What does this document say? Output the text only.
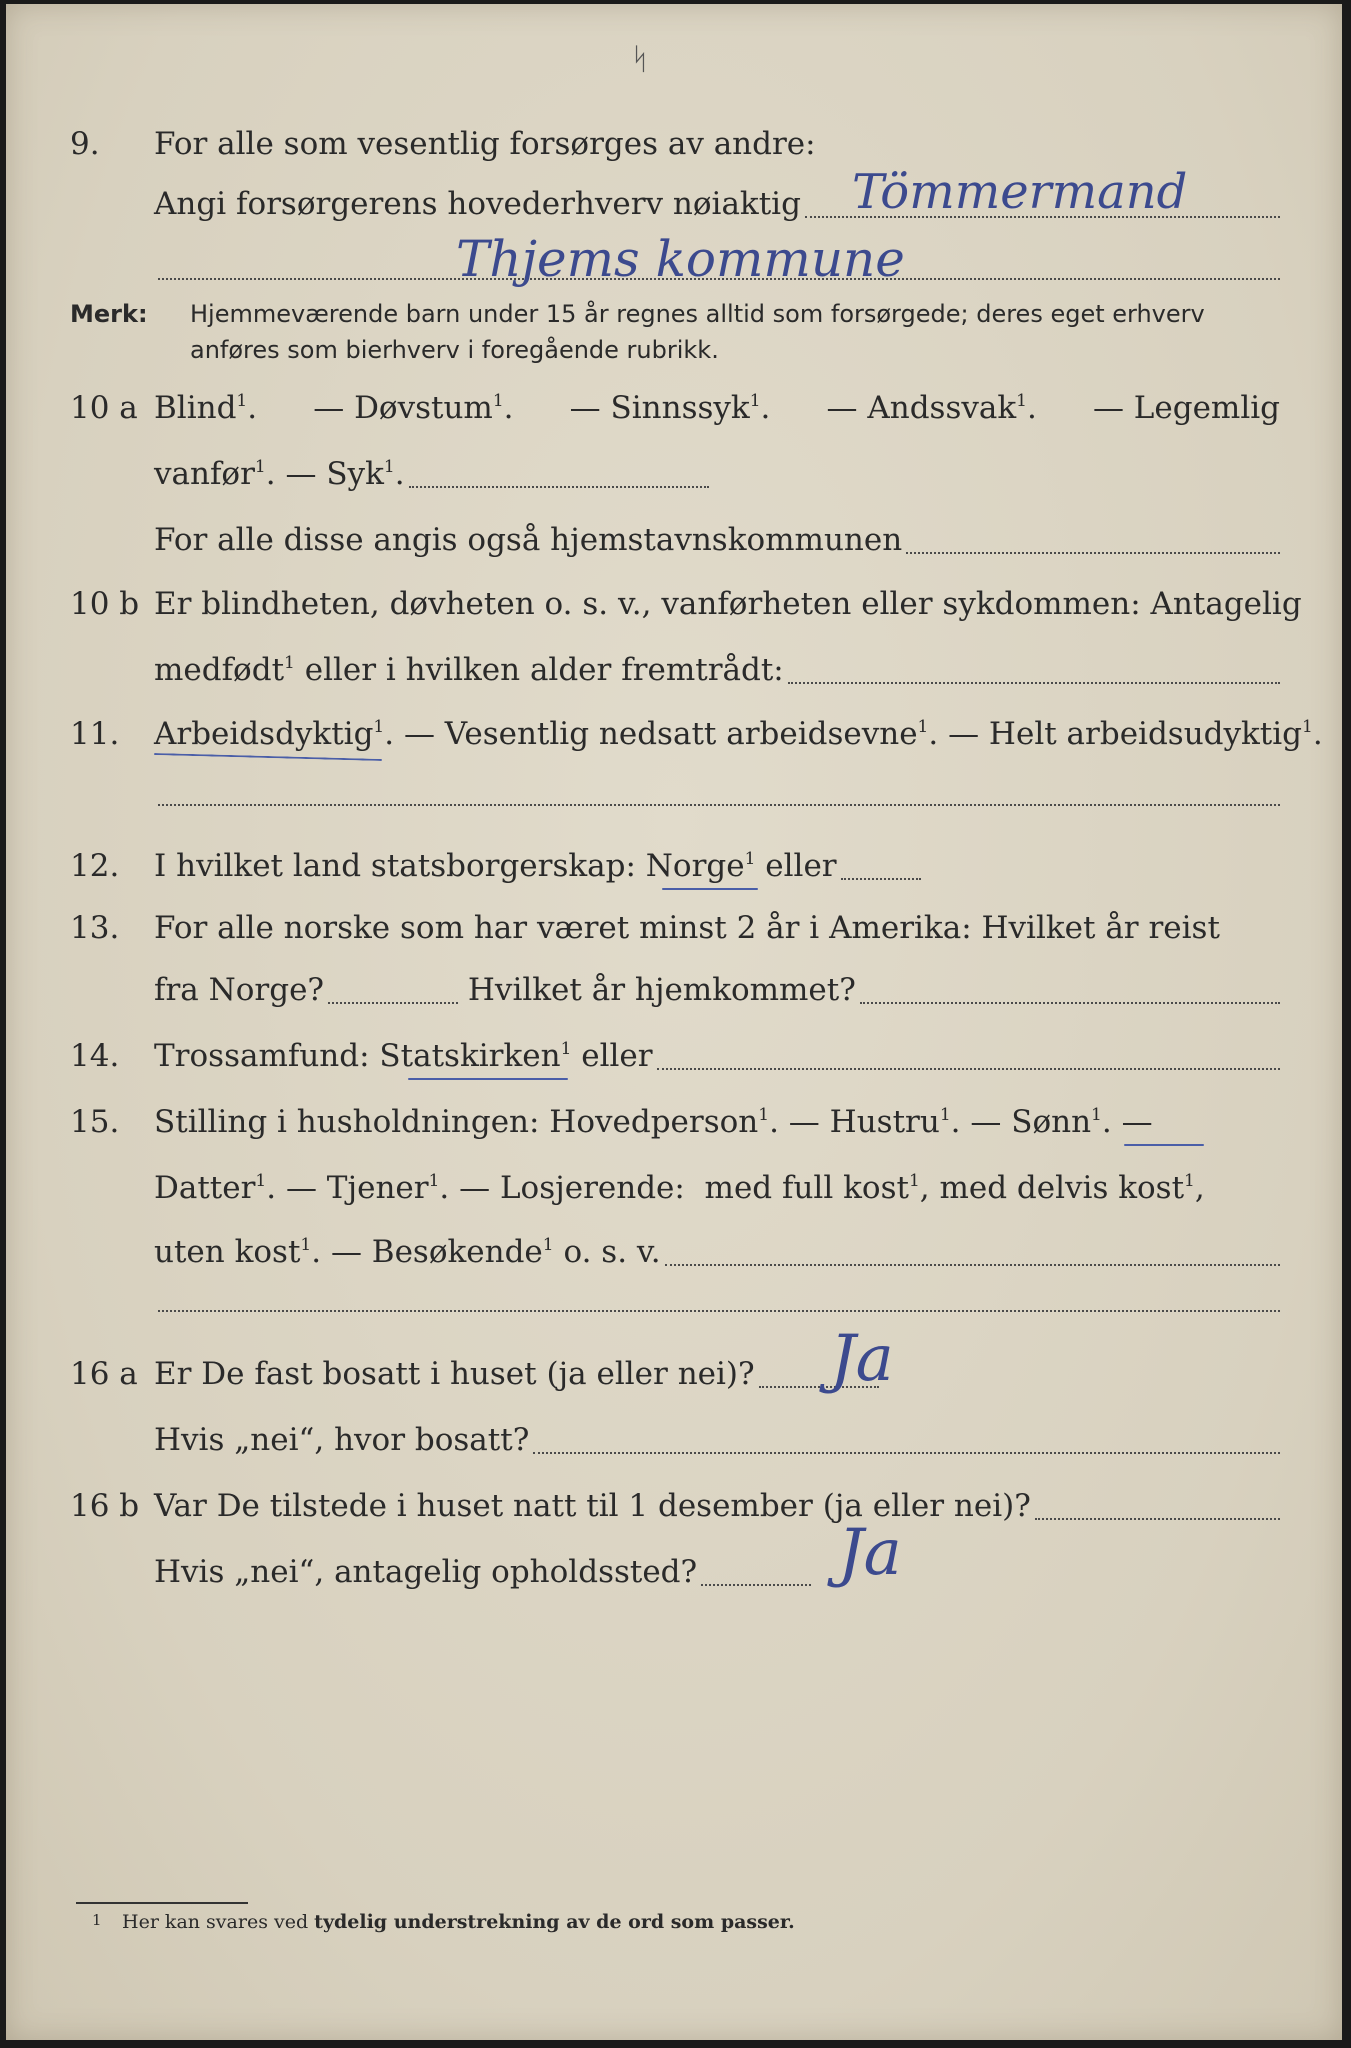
ᛋ
9. For alle som vesentlig forsørges av andre:
Angi forsørgerens hovederhverv nøiaktig Tömmermand
Thjems kommune
Merk: Hjemmeværende barn under 15 år regnes alltid som forsørgede; deres eget erhverv
anføres som bierhverv i foregående rubrikk.
10 a Blind$^1$. — Døvstum$^1$. — Sinnssyk$^1$. — Andssvak$^1$. — Legemlig
vanfør$^1$. — Syk$^1$.
For alle disse angis også hjemstavnskommunen
10 b Er blindheten, døvheten o. s. v., vanførheten eller sykdommen: Antagelig
medfødt$^1$ eller i hvilken alder fremtrådt:
11. Arbeidsdyktig$^1$. — Vesentlig nedsatt arbeidsevne$^1$. — Helt arbeidsudyktig$^1$.
12. I hvilket land statsborgerskap: Norge$^1$ eller
13. For alle norske som har været minst 2 år i Amerika: Hvilket år reist
fra Norge?	Hvilket år hjemkommet?
14. Trossamfund: Statskirken$^1$ eller
15. Stilling i husholdningen: Hovedperson$^1$. — Hustru$^1$. — Sønn$^1$. —
Datter$^1$. — Tjener$^1$. — Losjerende:  med full kost$^1$, med delvis kost$^1$,
uten kost$^1$. — Besøkende$^1$ o. s. v.
16 a Er De fast bosatt i huset (ja eller nei)? Ja
Hvis „nei“, hvor bosatt?
16 b Var De tilstede i huset natt til 1 desember (ja eller nei)?
Hvis „nei“, antagelig opholdssted? Ja
1 Her kan svares ved tydelig understrekning av de ord som passer.
